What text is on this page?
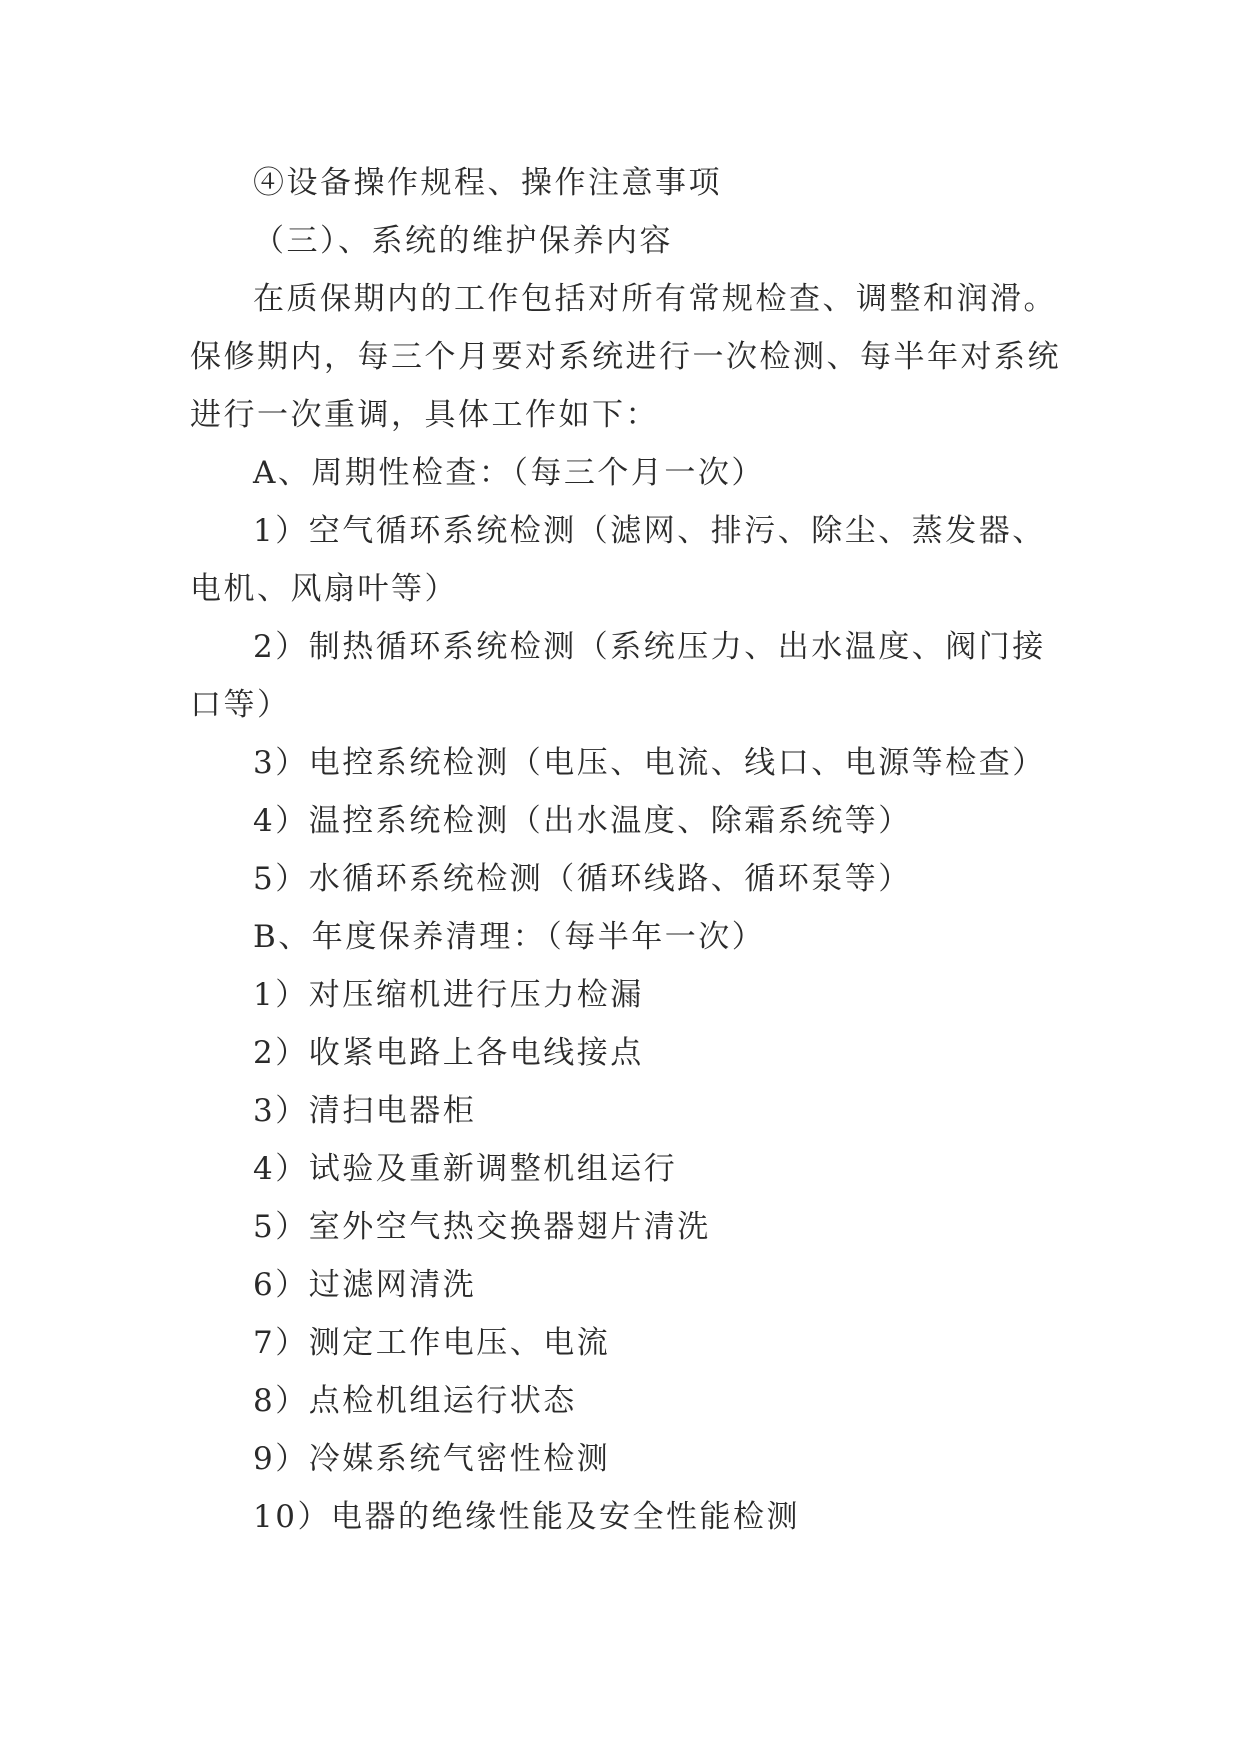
④设备操作规程、操作注意事项
（三）、系统的维护保养内容
在质保期内的工作包括对所有常规检查、调整和润滑。
保修期内，每三个月要对系统进行一次检测、每半年对系统
进行一次重调，具体工作如下：
A、周期性检查：（每三个月一次）
1）空气循环系统检测（滤网、排污、除尘、蒸发器、
电机、风扇叶等）
2）制热循环系统检测（系统压力、出水温度、阀门接
口等）
3）电控系统检测（电压、电流、线口、电源等检查）
4）温控系统检测（出水温度、除霜系统等）
5）水循环系统检测（循环线路、循环泵等）
B、年度保养清理：（每半年一次）
1）对压缩机进行压力检漏
2）收紧电路上各电线接点
3）清扫电器柜
4）试验及重新调整机组运行
5）室外空气热交换器翅片清洗
6）过滤网清洗
7）测定工作电压、电流
8）点检机组运行状态
9）冷媒系统气密性检测
10）电器的绝缘性能及安全性能检测
